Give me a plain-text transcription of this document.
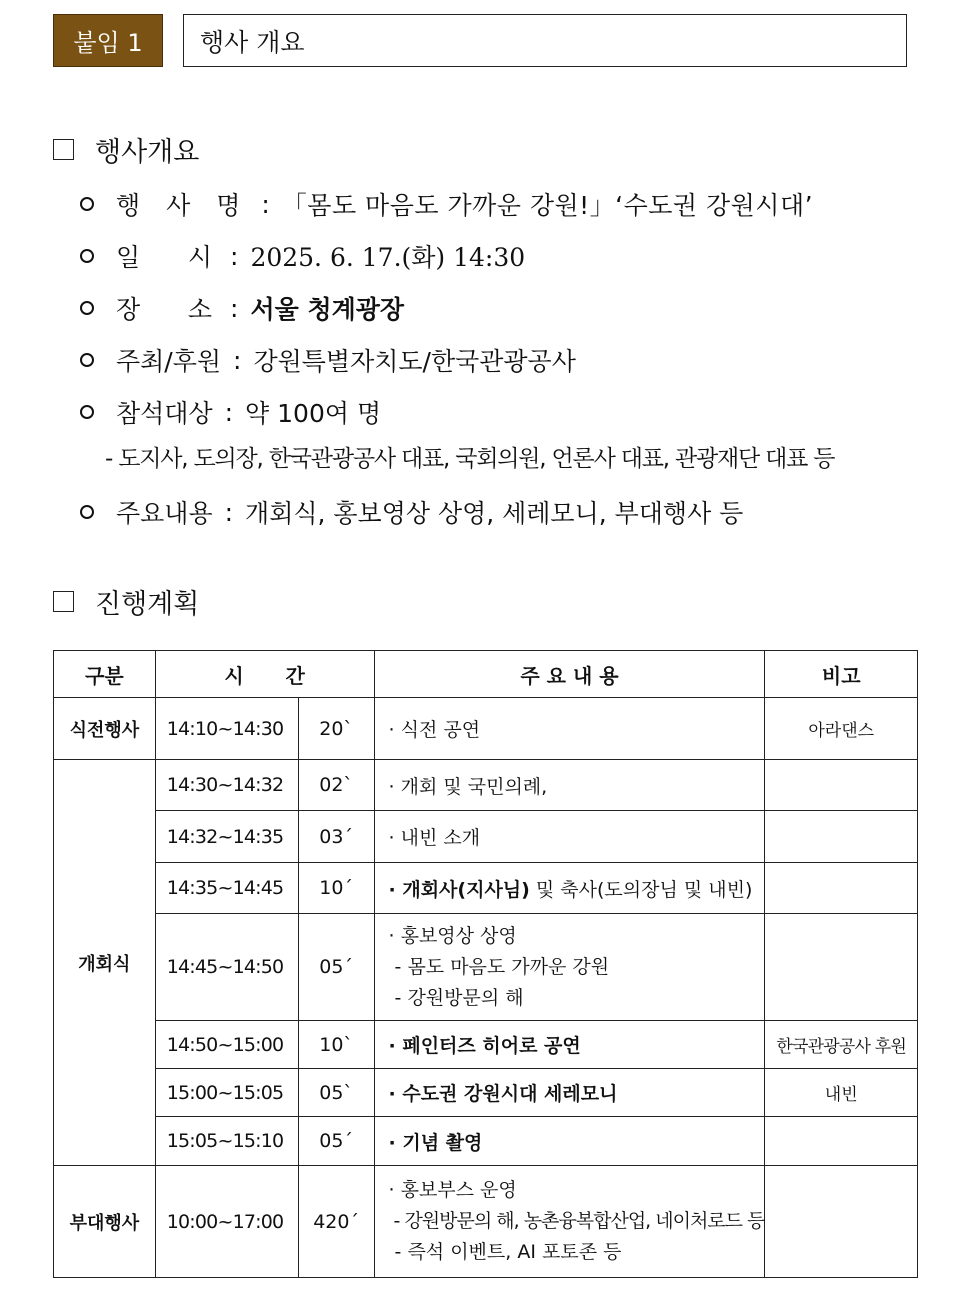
붙임 1	행사 개요
행사개요
행 사 명 : 「몸도 마음도 가까운 강원!」‘수도권 강원시대’
일      시 : 2025. 6. 17.(화) 14:30
장      소 : 서울 청계광장
주최/후원 : 강원특별자치도/한국관광공사
참석대상 : 약 100여 명
- 도지사, 도의장, 한국관광공사 대표, 국회의원, 언론사 대표, 관광재단 대표 등
주요내용 : 개회식, 홍보영상 상영, 세레모니, 부대행사 등
진행계획
구분	시      간		주 요 내 용	비고
식전행사	14:10~14:30	20`	· 식전 공연	아라댄스
개회식	14:30~14:32	02`	· 개회 및 국민의례,	
	14:32~14:35	03´	· 내빈 소개	
	14:35~14:45	10´	· 개회사(지사님) 및 축사(도의장님 및 내빈)	
	14:45~14:50	05´	· 홍보영상 상영
- 몸도 마음도 가까운 강원
- 강원방문의 해	

	14:50~15:00	10`	· 페인터즈 히어로 공연	한국관광공사 후원
	15:00~15:05	05`	· 수도권 강원시대 세레모니	내빈
	15:05~15:10	05´	· 기념 촬영	
부대행사	10:00~17:00	420´	· 홍보부스 운영
- 강원방문의 해, 농촌융복합산업, 네이처로드 등
- 즉석 이벤트, AI 포토존 등	
